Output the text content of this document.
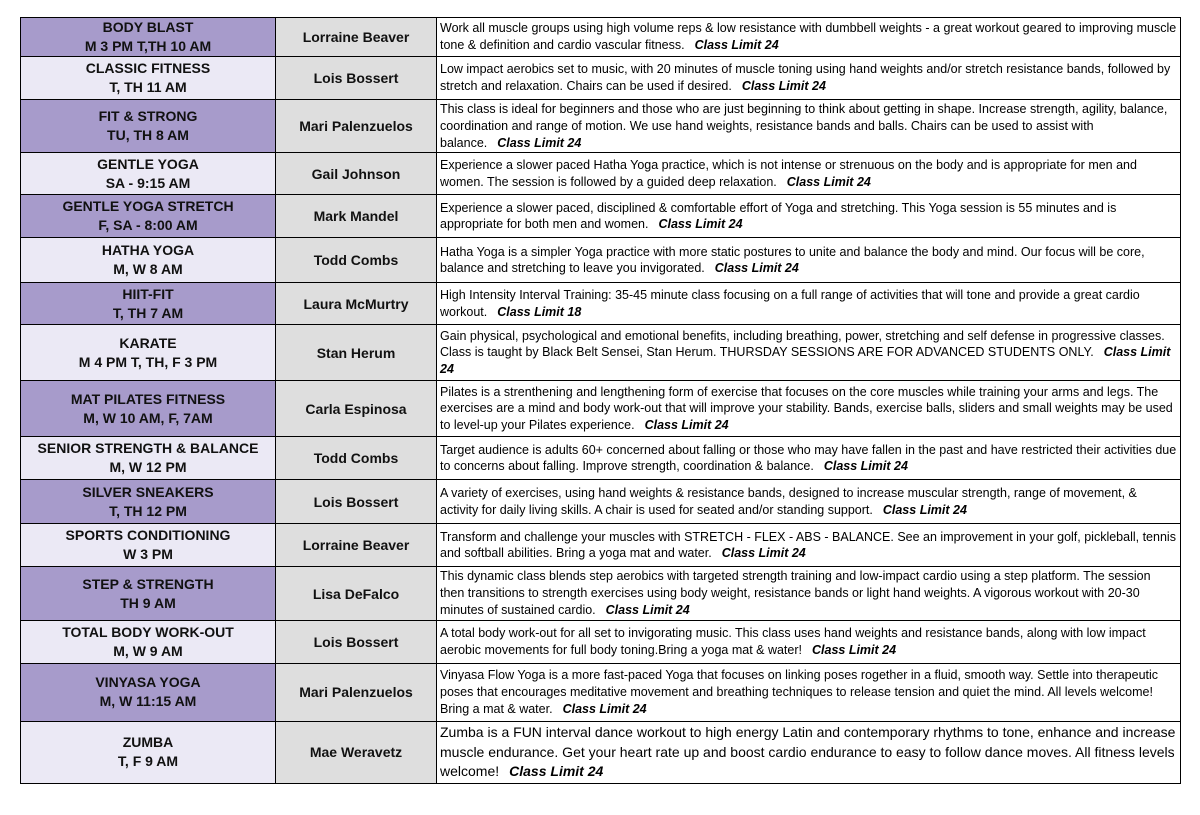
BODY BLAST
M 3 PM T,TH 10 AM	Lorraine Beaver	Work all muscle groups using high volume reps & low resistance with dumbbell weights - a great workout geared to improving muscle tone & definition and cardio vascular fitness. Class Limit 24

CLASSIC FITNESS
T, TH 11 AM	Lois Bossert	Low impact aerobics set to music, with 20 minutes of muscle toning using hand weights and/or stretch resistance bands, followed by stretch and relaxation. Chairs can be used if desired. Class Limit 24

FIT & STRONG
TU, TH 8 AM	Mari Palenzuelos	This class is ideal for beginners and those who are just beginning to think about getting in shape. Increase strength, agility, balance, coordination and range of motion. We use hand weights, resistance bands and balls. Chairs can be used to assist with balance. Class Limit 24

GENTLE YOGA
SA - 9:15 AM	Gail Johnson	Experience a slower paced Hatha Yoga practice, which is not intense or strenuous on the body and is appropriate for men and women. The session is followed by a guided deep relaxation. Class Limit 24

GENTLE YOGA STRETCH
F, SA - 8:00 AM	Mark Mandel	Experience a slower paced, disciplined & comfortable effort of Yoga and stretching. This Yoga session is 55 minutes and is appropriate for both men and women. Class Limit 24

HATHA YOGA
M, W 8 AM	Todd Combs	Hatha Yoga is a simpler Yoga practice with more static postures to unite and balance the body and mind. Our focus will be core, balance and stretching to leave you invigorated. Class Limit 24

HIIT-FIT
T, TH 7 AM	Laura McMurtry	High Intensity Interval Training: 35-45 minute class focusing on a full range of activities that will tone and provide a great cardio workout. Class Limit 18

KARATE
M 4 PM T, TH, F 3 PM	Stan Herum	Gain physical, psychological and emotional benefits, including breathing, power, stretching and self defense in progressive classes. Class is taught by Black Belt Sensei, Stan Herum. THURSDAY SESSIONS ARE FOR ADVANCED STUDENTS ONLY. Class Limit 24

MAT PILATES FITNESS
M, W 10 AM, F, 7AM	Carla Espinosa	Pilates is a strenthening and lengthening form of exercise that focuses on the core muscles while training your arms and legs. The exercises are a mind and body work-out that will improve your stability. Bands, exercise balls, sliders and small weights may be used to level-up your Pilates experience. Class Limit 24

SENIOR STRENGTH & BALANCE
M, W 12 PM	Todd Combs	Target audience is adults 60+ concerned about falling or those who may have fallen in the past and have restricted their activities due to concerns about falling. Improve strength, coordination & balance. Class Limit 24

SILVER SNEAKERS
T, TH 12 PM	Lois Bossert	A variety of exercises, using hand weights & resistance bands, designed to increase muscular strength, range of movement, & activity for daily living skills. A chair is used for seated and/or standing support. Class Limit 24

SPORTS CONDITIONING
W 3 PM	Lorraine Beaver	Transform and challenge your muscles with STRETCH - FLEX - ABS - BALANCE. See an improvement in your golf, pickleball, tennis and softball abilities. Bring a yoga mat and water. Class Limit 24

STEP & STRENGTH
TH 9 AM	Lisa DeFalco	This dynamic class blends step aerobics with targeted strength training and low-impact cardio using a step platform. The session then transitions to strength exercises using body weight, resistance bands or light hand weights. A vigorous workout with 20-30 minutes of sustained cardio. Class Limit 24

TOTAL BODY WORK-OUT
M, W 9 AM	Lois Bossert	A total body work-out for all set to invigorating music. This class uses hand weights and resistance bands, along with low impact aerobic movements for full body toning.Bring a yoga mat & water! Class Limit 24

VINYASA YOGA
M, W 11:15 AM	Mari Palenzuelos	Vinyasa Flow Yoga is a more fast-paced Yoga that focuses on linking poses rogether in a fluid, smooth way. Settle into therapeutic poses that encourages meditative movement and breathing techniques to release tension and quiet the mind. All levels welcome! Bring a mat & water. Class Limit 24

ZUMBA
T, F 9 AM	Mae Weravetz	Zumba is a FUN interval dance workout to high energy Latin and contemporary rhythms to tone, enhance and increase muscle endurance. Get your heart rate up and boost cardio endurance to easy to follow dance moves. All fitness levels welcome! Class Limit 24
